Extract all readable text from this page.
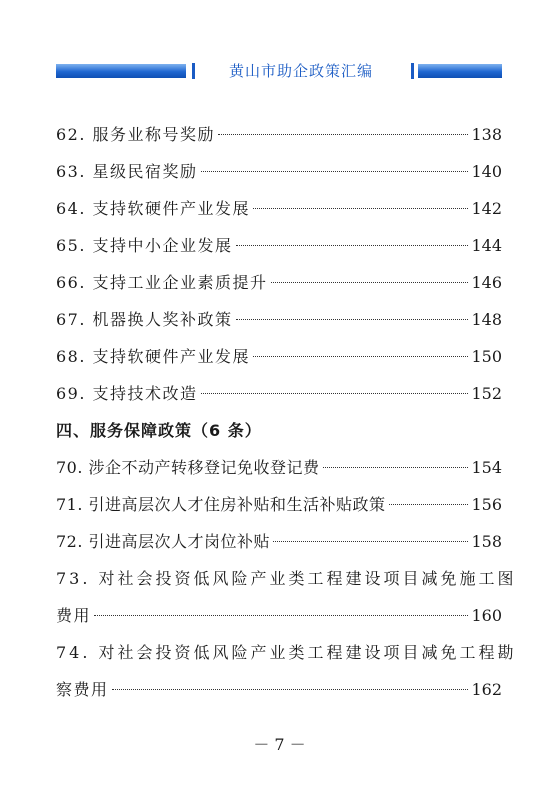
黄山市助企政策汇编
62. 服务业称号奖励	138
63. 星级民宿奖励	140
64. 支持软硬件产业发展	142
65. 支持中小企业发展	144
66. 支持工业企业素质提升	146
67. 机器换人奖补政策	148
68. 支持软硬件产业发展	150
69. 支持技术改造	152
四、服务保障政策（6 条）
70. 涉企不动产转移登记免收登记费	154
71. 引进高层次人才住房补贴和生活补贴政策	156
72. 引进高层次人才岗位补贴	158
73. 对社会投资低风险产业类工程建设项目减免施工图
费用	160
74. 对社会投资低风险产业类工程建设项目减免工程勘
察费用	162
－ 7 －
